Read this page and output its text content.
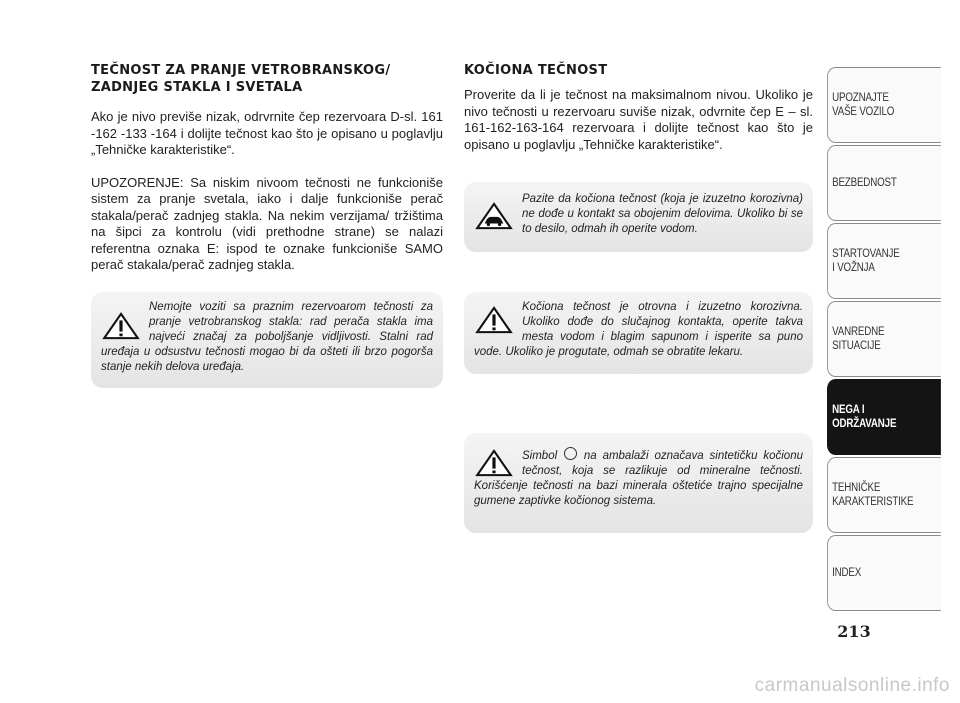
TEČNOST ZA PRANJE VETROBRANSKOG/ ZADNJEG STAKLA I SVETALA

Ako je nivo previše nizak, odrvrnite čep rezervoara D-sl. 161 -162 -133 -164 i dolijte tečnost kao što je opisano u poglavlju „Tehničke karakteristike“.

UPOZORENJE: Sa niskim nivoom tečnosti ne funkcioniše sistem za pranje svetala, iako i dalje funkcioniše perač stakala/perač zadnjeg stakla. Na nekim verzijama/ tržištima na šipci za kontrolu (vidi prethodne strane) se nalazi referentna oznaka E: ispod te oznake funkcioniše SAMO perač stakala/perač zadnjeg stakla.

Nemojte voziti sa praznim rezervoarom tečnosti za pranje vetrobranskog stakla: rad perača stakla ima najveći značaj za poboljšanje vidljivosti. Stalni rad uređaja u odsustvu tečnosti mogao bi da ošteti ili brzo pogorša stanje nekih delova uređaja.

KOČIONA TEČNOST

Proverite da li je tečnost na maksimalnom nivou. Ukoliko je nivo tečnosti u rezervoaru suviše nizak, odvrnite čep E – sl. 161-162-163-164 rezervoara i dolijte tečnost kao što je opisano u poglavlju „Tehničke karakteristike“.

Pazite da kočiona tečnost (koja je izuzetno korozivna) ne dođe u kontakt sa obojenim delovima. Ukoliko bi se to desilo, odmah ih operite vodom.

Kočiona tečnost je otrovna i izuzetno korozivna. Ukoliko dođe do slučajnog kontakta, operite takva mesta vodom i blagim sapunom i isperite sa puno vode. Ukoliko je progutate, odmah se obratite lekaru.

Simbol na ambalaži označava sintetičku kočionu tečnost, koja se razlikuje od mineralne tečnosti. Korišćenje tečnosti na bazi minerala oštetiće trajno specijalne gumene zaptivke kočionog sistema.

UPOZNAJTE
VAŠE VOZILO
BEZBEDNOST
STARTOVANJE
I VOŽNJA
VANREDNE
SITUACIJE
NEGA I
ODRŽAVANJE
TEHNIČKE
KARAKTERISTIKE
INDEX
213
carmanualsonline.info
